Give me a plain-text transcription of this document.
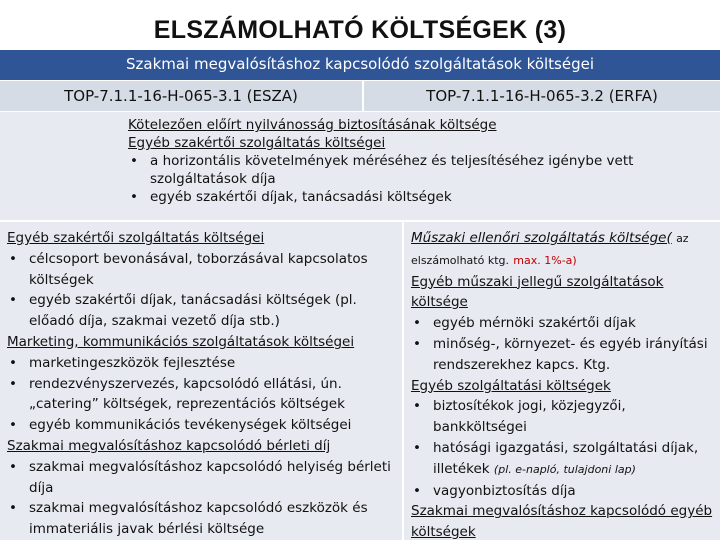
ELSZÁMOLHATÓ KÖLTSÉGEK (3)
Szakmai megvalósításhoz kapcsolódó szolgáltatások költségei
TOP-7.1.1-16-H-065-3.1 (ESZA)	TOP-7.1.1-16-H-065-3.2 (ERFA)
Kötelezően előírt nyilvánosság biztosításának költsége
Egyéb szakértői szolgáltatás költségei
• a horizontális követelmények méréséhez és teljesítéséhez igénybe vett szolgáltatások díja
• egyéb szakértői díjak, tanácsadási költségek
Egyéb szakértői szolgáltatás költségei
• célcsoport bevonásával, toborzásával kapcsolatos költségek
• egyéb szakértői díjak, tanácsadási költségek (pl. előadó díja, szakmai vezető díja stb.)
Marketing, kommunikációs szolgáltatások költségei
• marketingeszközök fejlesztése
• rendezvényszervezés, kapcsolódó ellátási, ún. „catering” költségek, reprezentációs költségek
• egyéb kommunikációs tevékenységek költségei
Szakmai megvalósításhoz kapcsolódó bérleti díj
• szakmai megvalósításhoz kapcsolódó helyiség bérleti díja
• szakmai megvalósításhoz kapcsolódó eszközök és immateriális javak bérlési költsége
Műszaki ellenőri szolgáltatás költsége( az
elszámolható ktg. max. 1%-a)
Egyéb műszaki jellegű szolgáltatások költsége
• egyéb mérnöki szakértői díjak
• minőség-, környezet- és egyéb irányítási rendszerekhez kapcs. Ktg.
Egyéb szolgáltatási költségek
• biztosítékok jogi, közjegyzői, bankköltségei
• hatósági igazgatási, szolgáltatási díjak, illetékek (pl. e-napló, tulajdoni lap)
• vagyonbiztosítás díja
Szakmai megvalósításhoz kapcsolódó egyéb költségek
